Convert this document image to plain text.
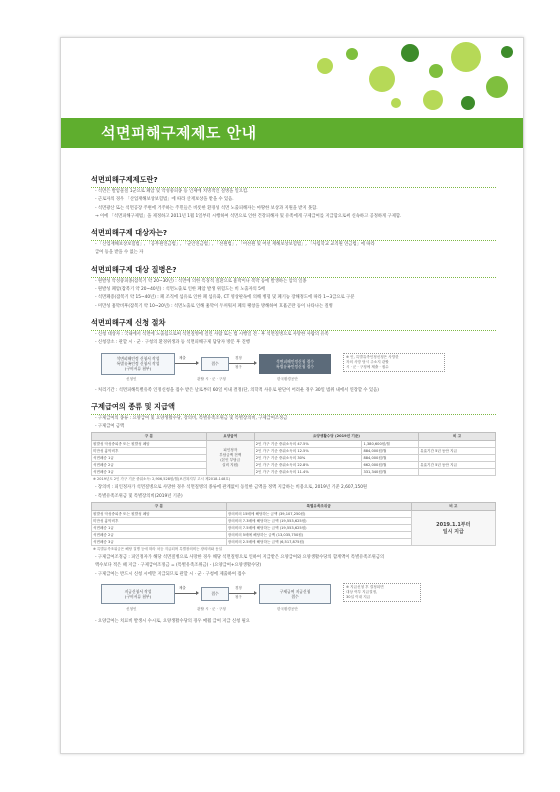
석면피해구제제도 안내
석면피해구제제도란?
- 석면은 발암물질 1군으로 폐암 및 악성중피종 등 인체에 치명적인 질병을 일으킴.
- 근로자의 경우 「산업재해보상보험법」에 따라 산재보상을 받을 수 있음.
- 석면광산 또는 석면공장 주변에 거주하는 주민들은 비롯한 환경성 석면 노출피해자는 마땅한 보상과 지원을 받지 못함.
→ 이에 「석면피해구제법」을 제정하고 2011년 1월 1일부터 시행하여 석면으로 인한 건강피해자 및 유족에게 구제급여를 지급함으로써 신속하고 공정하게 구제함.
석면피해구제 대상자는?
- 「산업재해보상보험법」, 「공무원연금법」, 「군인연금법」, 「선원법」, 「어선원 및 어선 재해보상보험법」, 「사립학교 교직원 연금법」에 따라
급여 등을 받을 수 없는 자
석면피해구제 대상 질병은?
- 원발성 악성중피종(잠복기 약 20~30년) : 석면에 의한 특징적 질환으로 흉막이나 복막 등에 발생하는 암의 일종
- 원발성 폐암(잠복기 약 20~40년) : 석면노출로 인한 폐암 발생 위험도는 비 노출자의 5배
- 석면폐증(잠복기 약 15~40년) : 폐 조직에 섬유로 인한 폐 섬유화, CT 영상판독에 의해 병형 및 폐기능 장해정도에 따라 1~3급으로 구분
- 미만성 흉막비후(잠복기 약 10~20년) : 석면노출로 인해 흉막이 두꺼워져 폐의 팽창을 방해하여 호흡곤란 등이 나타나는 질병
석면피해구제 신청 절차
- 신청 대상자 : 국내에서 석면에 노출됨으로써 석면질병에 걸린 사람 또는 법 시행일 전 · 후 석면질병으로 사망한 사람의 유족
- 신청장소 : 관할 시 · 군 · 구청의 환경위생과 등 석면피해구제 담당자 방문 후 진행
석면피해인정 신청서 작성
특별유족인정 신청서 작성
(구비서류 첨부)
신청인
제출
접수
관할 시 · 군 · 구청
경정
청구
석면피해인정신청 접수
특별유족인정신청 접수
한국환경공단
※ 인, 특별유족인정신청은 사망한
자의 사망 당시 주소지 관할
시 · 군 · 구청에 제출 · 접수
- 처리기간 : 석면피해특별유족 인정신청을 접수 받은 날로부터 60일 이내 결정(단, 의학적 사유로 판단이 어려운 경우 30일 범위 내에서 연장할 수 있음)
구제급여의 종류 및 지급액
- 구제급여의 종류 : 요양급여 및 요양생활수당, 장의비, 특별유족조위금 및 특별장의비, 구제급여조정금
- 구제급여 금액
구 분	요양급여	요양생활수당 (2019년 기준)		비 고
원발성 악성중피종 또는 원발성 폐암	피인정자
부담금액 전액
(본인 부담금
실비 지원)	2인 가구 기준 중위소득의 47.5%	1,380,600원/월	
미만성 흉막비후		2인 가구 기준 중위소득의 12.5%	884,000원/월	유효기간 5년 동안 지급
석면폐증 1급		2인 가구 기준 중위소득의 30%	884,000원/월	
석면폐증 2급		2인 가구 기준 중위소득의 22.8%	662,000원/월	유효기간 5년 동안 지급
석면폐증 3급		2인 가구 기준 중위소득의 11.4%	331,340원/월	
※ 2019년도 2인 가구 기준 중위소득: 2,906,528원/월(보건복지부 고시 제2018-148호)
- 장의비 : 피인정자가 석면질병으로 사망한 경우 석면질병의 종류에 관계없이 동일한 금액을 정액 지급하는 비용으로, 2019년 기준 2,607,150원
- 특별유족조위금 및 특별장의비(2019년 기준)
구 분	특별유족조위금	비 고
원발성 악성중피종 또는 원발성 폐암	장의비의 15배에 해당하는 금액 (39,107,250원)	2019.1.1부터
일시 지급
미만성 흉막비후	장의비의 7.3배에 해당하는 금액 (19,553,625원)	
석면폐증 1급	장의비의 7.5배에 해당하는 금액 (19,553,625원)	
석면폐증 2급	장의비의 5배에 해당하는 금액 (13,035,750원)	
석면폐증 3급	장의비의 2.5배에 해당하는 금액 (6,517,875원)	
※ 특별유족조위금은 해당 질병 등에 따라 차등 지급되며 특별장의비는 장의비와 동일
- 구제급여조정금 : 피인정자가 해당 석면질병으로 사망한 경우 해당 석면질병으로 인하여 지급받은 요양급여와 요양생활수당의 합계액이 특별유족조위금의
액수보다 적은 때 지급 · 구제급여조정금 = (특별유족조위금) - (요양급여+요양생활수당)
- 구제급여는 반드시 신청 시에만 지급되므로 관할 시 · 군 · 구청에 제출하여 접수
지급신청서 작성
(구비서류 첨부)
신청인
제출
접수
관할 시 · 군 · 구청
경정
청구
구제급여 지급신청
접수
한국환경공단
※ 지급신청 후 결정되면
대상 여부 지급결정,
30일 이내 지급
- 요양급여는 치료비 발생시 수시로, 요양생활수당의 경우 매월 급여 지급 신청 필요
